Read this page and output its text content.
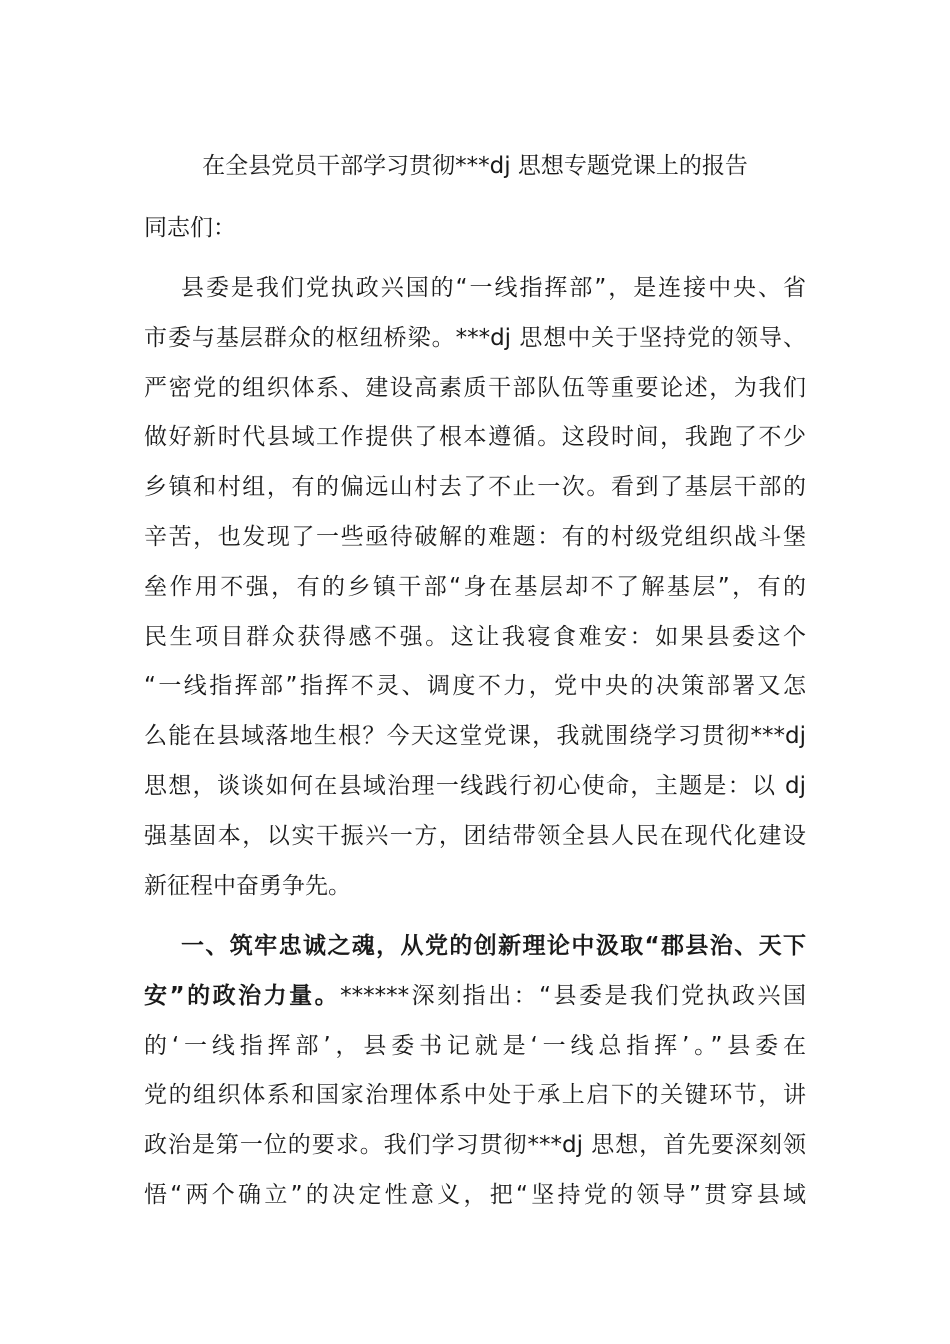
在全县党员干部学习贯彻***dj 思想专题党课上的报告
同志们：
县委是我们党执政兴国的“一线指挥部”，是连接中央、省
市委与基层群众的枢纽桥梁。***dj 思想中关于坚持党的领导、
严密党的组织体系、建设高素质干部队伍等重要论述，为我们
做好新时代县域工作提供了根本遵循。这段时间，我跑了不少
乡镇和村组，有的偏远山村去了不止一次。看到了基层干部的
辛苦，也发现了一些亟待破解的难题：有的村级党组织战斗堡
垒作用不强，有的乡镇干部“身在基层却不了解基层”，有的
民生项目群众获得感不强。这让我寝食难安：如果县委这个
“一线指挥部”指挥不灵、调度不力，党中央的决策部署又怎
么能在县域落地生根？今天这堂党课，我就围绕学习贯彻***dj
思想，谈谈如何在县域治理一线践行初心使命，主题是：以 dj
强基固本，以实干振兴一方，团结带领全县人民在现代化建设
新征程中奋勇争先。
一、筑牢忠诚之魂，从党的创新理论中汲取“郡县治、天下
安”的政治力量。******深刻指出：“县委是我们党执政兴国
的‘一线指挥部’，县委书记就是‘一线总指挥’。”县委在
党的组织体系和国家治理体系中处于承上启下的关键环节，讲
政治是第一位的要求。我们学习贯彻***dj 思想，首先要深刻领
悟“两个确立”的决定性意义，把“坚持党的领导”贯穿县域
